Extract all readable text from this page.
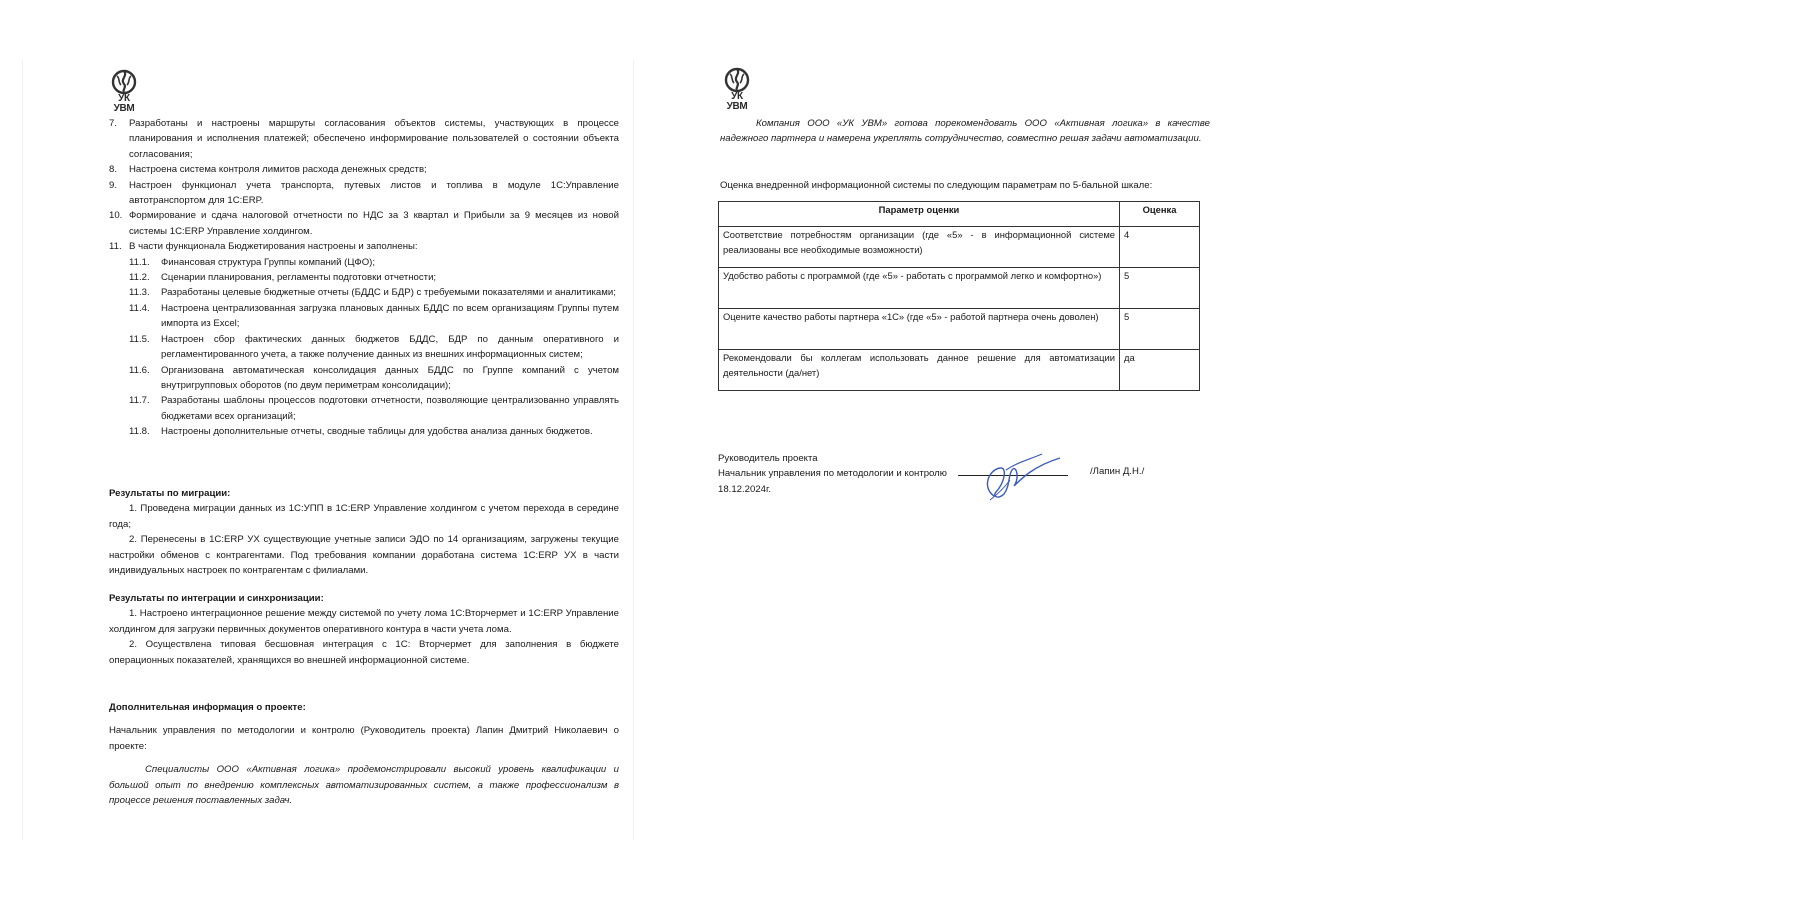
УК
УВМ
7.	Разработаны и настроены маршруты согласования объектов системы, участвующих в процессе планирования и исполнения платежей; обеспечено информирование пользователей о состоянии объекта согласования;
8.	Настроена система контроля лимитов расхода денежных средств;
9.	Настроен функционал учета транспорта, путевых листов и топлива в модуле 1С:Управление автотранспортом для 1С:ERP.
10. Формирование и сдача налоговой отчетности по НДС за 3 квартал и Прибыли за 9 месяцев из новой системы 1С:ERP Управление холдингом.
11. В части функционала Бюджетирования настроены и заполнены:
11.1.	Финансовая структура Группы компаний (ЦФО);
11.2.	Сценарии планирования, регламенты подготовки отчетности;
11.3.	Разработаны целевые бюджетные отчеты (БДДС и БДР) с требуемыми показателями и аналитиками;
11.4.	Настроена централизованная загрузка плановых данных БДДС по всем организациям Группы путем импорта из Excel;
11.5.	Настроен сбор фактических данных бюджетов БДДС, БДР по данным оперативного и регламентированного учета, а также получение данных из внешних информационных систем;
11.6.	Организована автоматическая консолидация данных БДДС по Группе компаний с учетом внутригрупповых оборотов (по двум периметрам консолидации);
11.7.	Разработаны шаблоны процессов подготовки отчетности, позволяющие централизованно управлять бюджетами всех организаций;
11.8.	Настроены дополнительные отчеты, сводные таблицы для удобства анализа данных бюджетов.
Результаты по миграции:
1. Проведена миграции данных из 1С:УПП в 1С:ERP Управление холдингом с учетом перехода в середине года;
2. Перенесены в 1С:ERP УХ существующие учетные записи ЭДО по 14 организациям, загружены текущие настройки обменов с контрагентами. Под требования компании доработана система 1С:ERP УХ в части индивидуальных настроек по контрагентам с филиалами.
Результаты по интеграции и синхронизации:
1. Настроено интеграционное решение между системой по учету лома 1С:Вторчермет и 1С:ERP Управление холдингом для загрузки первичных документов оперативного контура в части учета лома.
2. Осуществлена типовая бесшовная интеграция с 1С: Вторчермет для заполнения в бюджете операционных показателей, хранящихся во внешней информационной системе.
Дополнительная информация о проекте:
Начальник управления по методологии и контролю (Руководитель проекта) Лапин Дмитрий Николаевич о проекте:
Специалисты ООО «Активная логика» продемонстрировали высокий уровень квалификации и большой опыт по внедрению комплексных автоматизированных систем, а также профессионализм в процессе решения поставленных задач.
УК
УВМ
Компания ООО «УК УВМ» готова порекомендовать ООО «Активная логика» в качестве надежного партнера и намерена укреплять сотрудничество, совместно решая задачи автоматизации.
Оценка внедренной информационной системы по следующим параметрам по 5-бальной шкале:
Параметр оценки	Оценка
Соответствие потребностям организации (где «5» - в информационной системе реализованы все необходимые возможности)	4
Удобство работы с программой (где «5» - работать с программой легко и комфортно»)	5
Оцените качество работы партнера «1С» (где «5» - работой партнера очень доволен)	5
Рекомендовали бы коллегам использовать данное решение для автоматизации деятельности (да/нет)	да
Руководитель проекта
Начальник управления по методологии и контролю
18.12.2024г.
/Лапин Д.Н./
